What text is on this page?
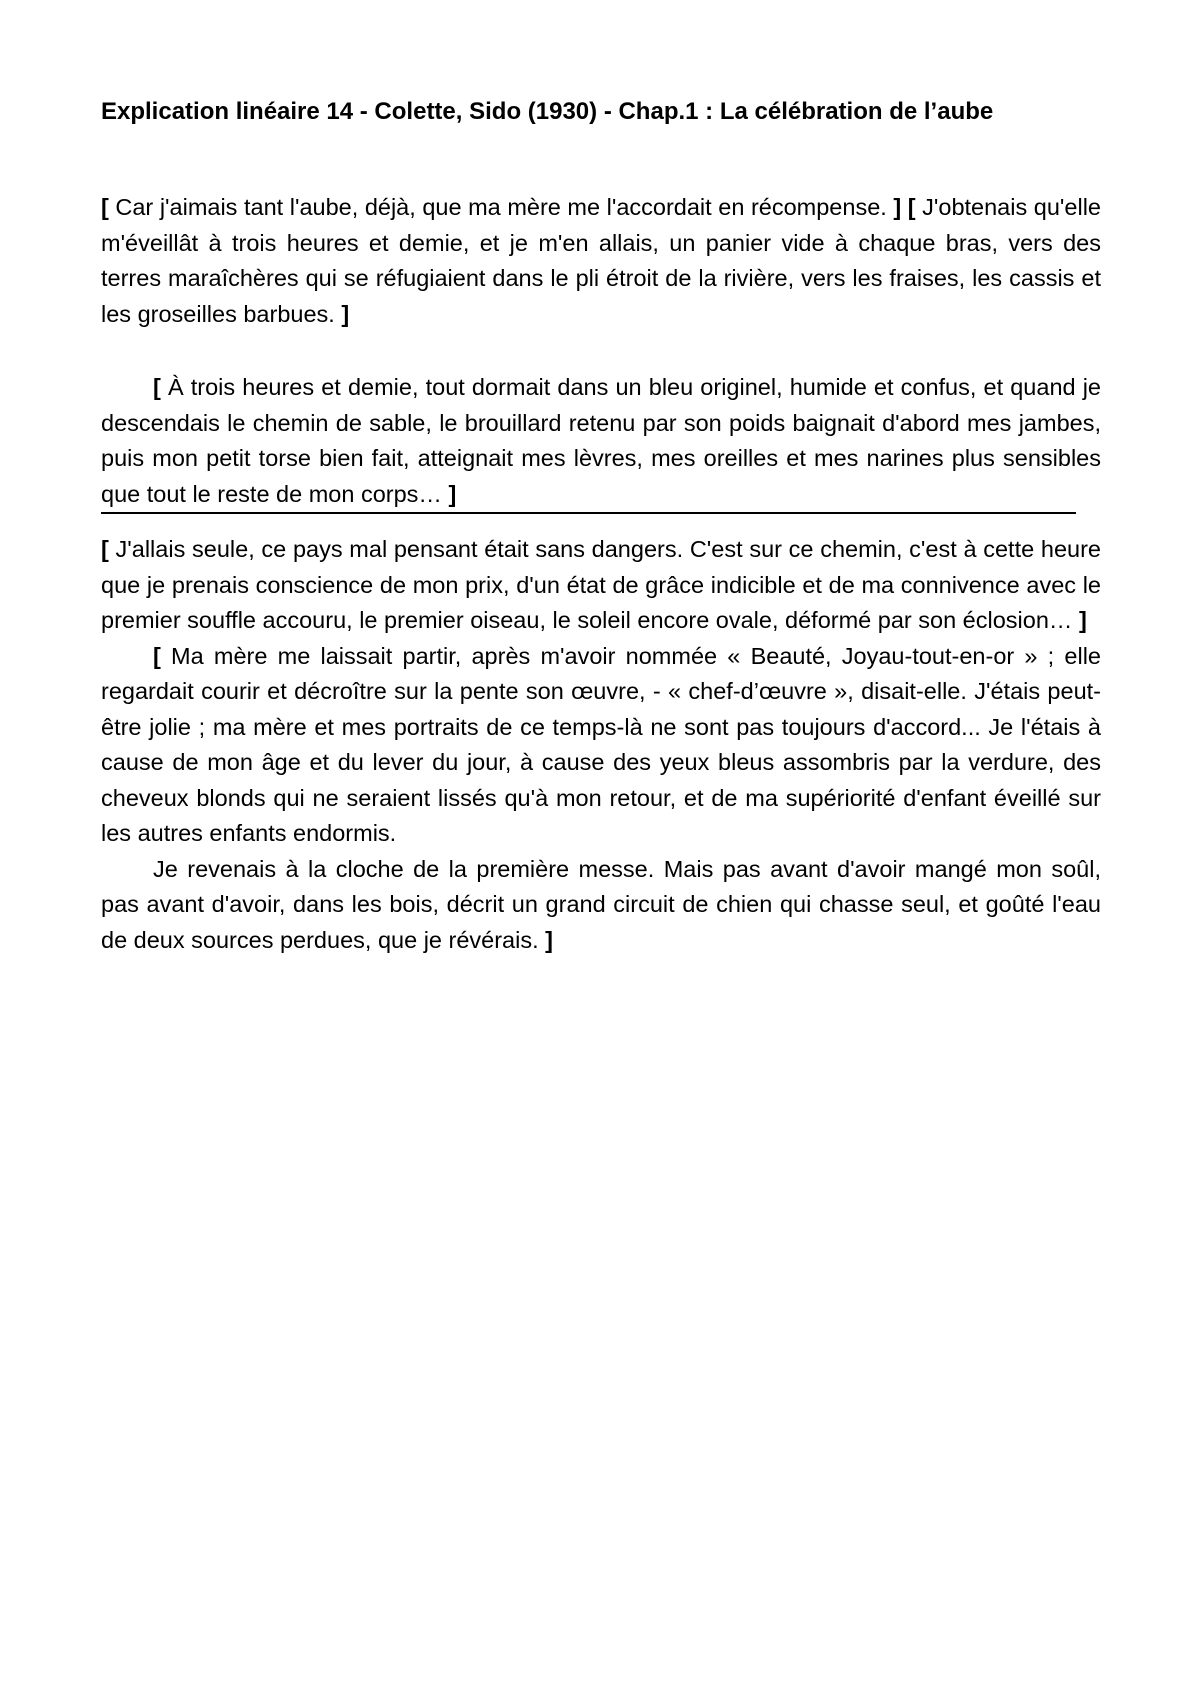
Explication linéaire 14 - Colette, Sido (1930) - Chap.1 : La célébration de l’aube

[ Car j'aimais tant l'aube, déjà, que ma mère me l'accordait en récompense. ] [ J'obtenais qu'elle m'éveillât à trois heures et demie, et je m'en allais, un panier vide à chaque bras, vers des terres maraîchères qui se réfugiaient dans le pli étroit de la rivière, vers les fraises, les cassis et les groseilles barbues. ]

[ À trois heures et demie, tout dormait dans un bleu originel, humide et confus, et quand je descendais le chemin de sable, le brouillard retenu par son poids baignait d'abord mes jambes, puis mon petit torse bien fait, atteignait mes lèvres, mes oreilles et mes narines plus sensibles que tout le reste de mon corps… ]

[ J'allais seule, ce pays mal pensant était sans dangers. C'est sur ce chemin, c'est à cette heure que je prenais conscience de mon prix, d'un état de grâce indicible et de ma connivence avec le premier souffle accouru, le premier oiseau, le soleil encore ovale, déformé par son éclosion… ]

[ Ma mère me laissait partir, après m'avoir nommée « Beauté, Joyau-tout-en-or » ; elle regardait courir et décroître sur la pente son œuvre, - « chef-d’œuvre », disait-elle. J'étais peut-être jolie ; ma mère et mes portraits de ce temps-là ne sont pas toujours d'accord... Je l'étais à cause de mon âge et du lever du jour, à cause des yeux bleus assombris par la verdure, des cheveux blonds qui ne seraient lissés qu'à mon retour, et de ma supériorité d'enfant éveillé sur les autres enfants endormis.

Je revenais à la cloche de la première messe. Mais pas avant d'avoir mangé mon soûl, pas avant d'avoir, dans les bois, décrit un grand circuit de chien qui chasse seul, et goûté l'eau de deux sources perdues, que je révérais. ]
